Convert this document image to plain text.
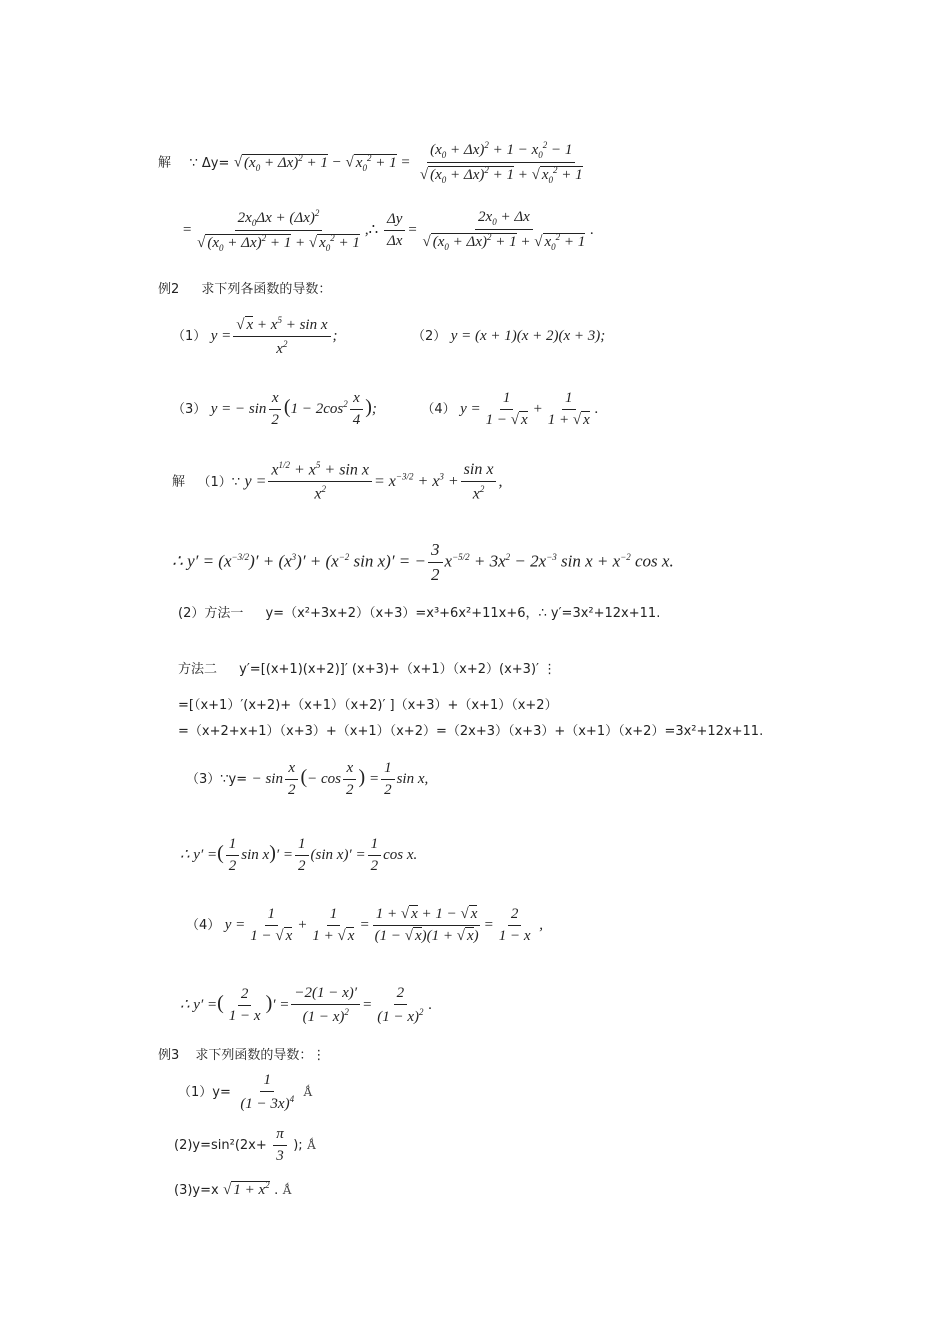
解 ∵ Δy= √ $(x_0 + \Delta x)^2 + 1$ − √ $x_0^2 + 1 = \frac{(x_0 + \Delta x)^2 + 1 - x_0^2 - 1}{√ (x_0 + \Delta x)^2 + 1 + √ x_0^2 + 1}$
= $\frac{2x_0\Delta x + (\Delta x)^2}{√ (x_0 + \Delta x)^2 + 1 + √ x_0^2 + 1}$ ,∴ $\frac{\Delta y}{\Delta x} = \frac{2x_0 + \Delta x}{√ (x_0 + \Delta x)^2 + 1 + √ x_0^2 + 1}$ .
例2 求下列各函数的导数：
（1） $y = \frac{√ x + x^5 + \sin x}{x^2}$ ;	（2） y = (x + 1)(x + 2)(x + 3);
（3） y = − $\sin \frac{x}{2} (1 - 2\cos^2 \frac{x}{4}$ );	（4） $y = \frac{1}{1 - √ x} + \frac{1}{1 + √ x}$ .
解 （1）∵ $y = \frac{x^{1/2} + x^5 + \sin x}{x^2} = x^{-3/2} + x^3 + \frac{\text{sin x}}{x^2}$ ,
∴ $y' = (x^{-3/2})' + (x^3)' + (x^{-2}$ sin x)′ = − $\frac{3}{2} x^{-5/2} + 3x^2 - 2x^{-3}$ $\sin x + x^{-2}$ cos x.
(2）方法一 y=（x²+3x+2）（x+3）=x³+6x²+11x+6，∴ y′=3x²+12x+11.
方法二 y′=[(x+1)(x+2)]′ (x+3)+（x+1）（x+2）(x+3)′ ⋮
=[（x+1）′(x+2)+（x+1）（x+2)′ ]（x+3）+（x+1）（x+2）
=（x+2+x+1）（x+3）+（x+1）（x+2）=（2x+3）（x+3）+（x+1）（x+2）=3x²+12x+11.
（3）∵y= − $\sin \frac{x}{2}$ (− $\cos \frac{x}{2}$ ) = $\frac{1}{2}$ sin x,
∴ y′ =( $\frac{1}{2}$ $\sin x)' = \frac{1}{2} (\sin$ $x)' = \frac{1}{2}$ cos x.
（4） $y = \frac{1}{1 - √ x} + \frac{1}{1 + √ x} = \frac{1 + √ x + 1 - √ x}{(1 - √ x)(1 + √ x)} = \frac{2}{1 - x}$ ,
∴ y′ =( $\frac{2}{1 - x}$ )′ = $\frac{-2(1 - x)'}{(1 - x)^2} = \frac{2}{(1 - x)^2}$ .
例3 求下列函数的导数：⋮
$(1)y= \frac{1}{(1 - 3x)^4}$ Ǻ
$(2)y=\sin^2(2x+ \frac{\pi}{3}$ ); Ǻ
(3)y=x √ $1 + x^2$ . Ǻ
